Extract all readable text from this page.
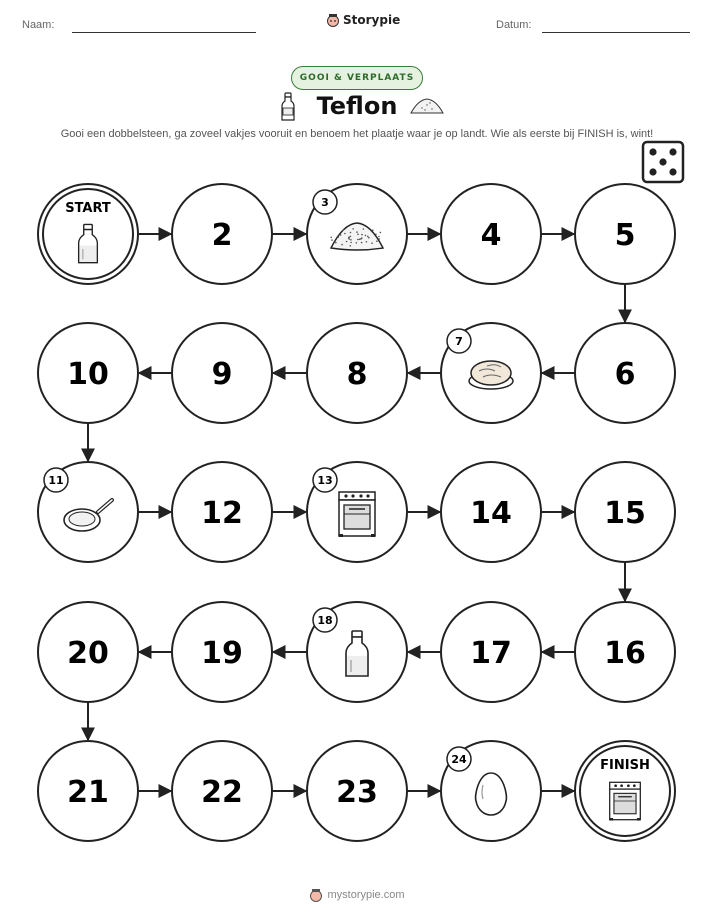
Naam:	Storypie	Datum:
GOOI & VERPLAATS
Teflon
Gooi een dobbelsteen, ga zoveel vakjes vooruit en benoem het plaatje waar je op landt. Wie als eerste bij FINISH is, wint!
START
2
3
4	5
6
7
8
9
10
11
12
13
14	15
16
17
18
19
20
21	22	23
24	FINISH
mystorypie.com
